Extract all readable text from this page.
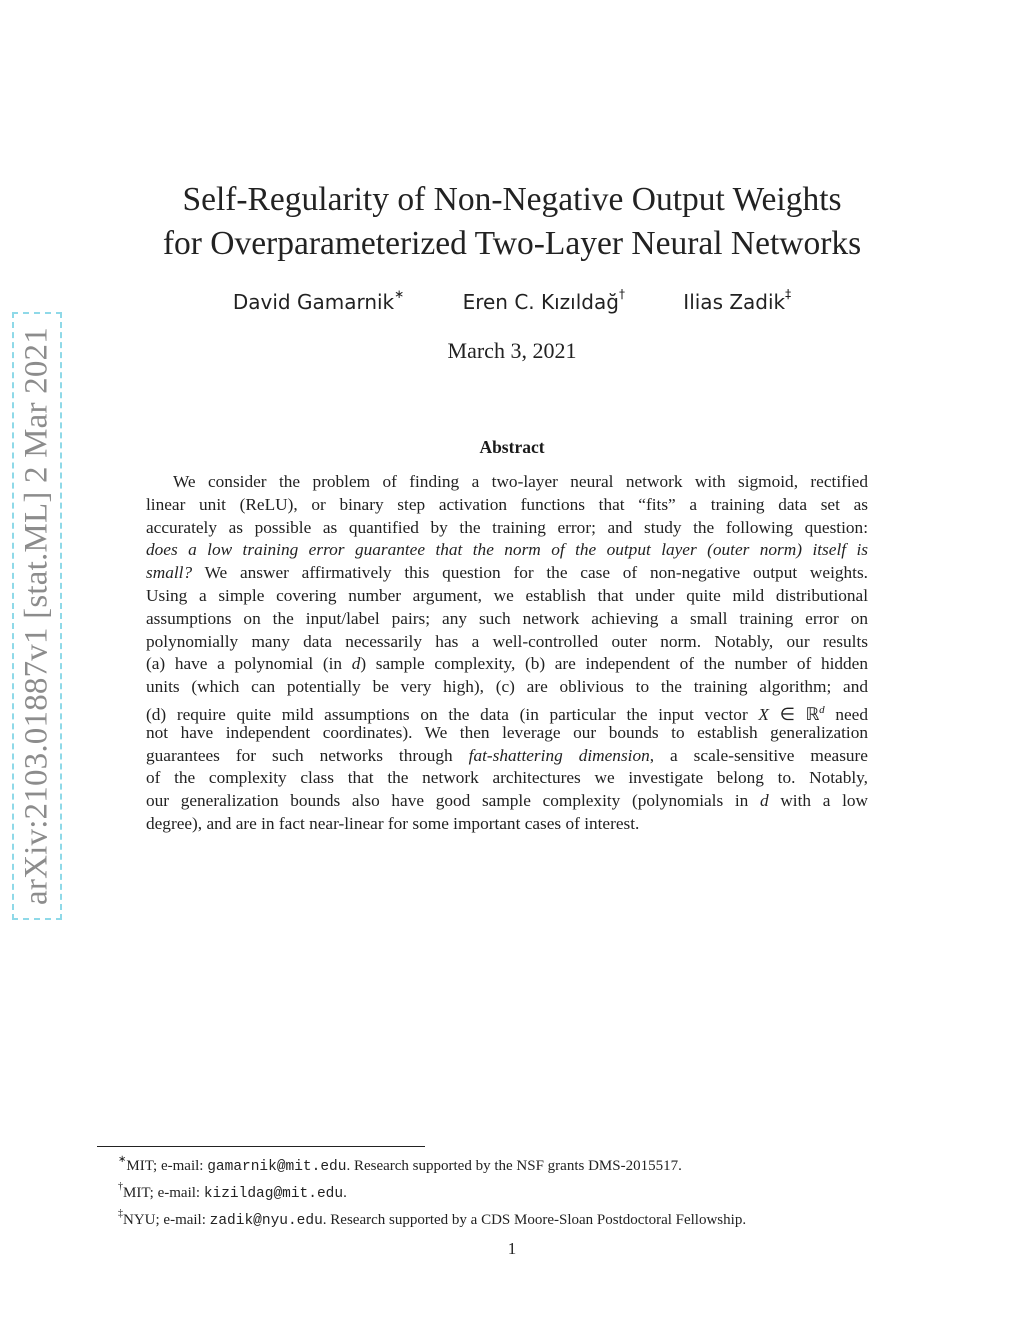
arXiv:2103.01887v1 [stat.ML] 2 Mar 2021
Self-Regularity of Non-Negative Output Weights
for Overparameterized Two-Layer Neural Networks
David Gamarnik∗	Eren C. Kızıldağ†	Ilias Zadik‡
March 3, 2021
Abstract
We consider the problem of finding a two-layer neural network with sigmoid, rectified
linear unit (ReLU), or binary step activation functions that “fits” a training data set as
accurately as possible as quantified by the training error; and study the following question:
does a low training error guarantee that the norm of the output layer (outer norm) itself is
small? We answer affirmatively this question for the case of non-negative output weights.
Using a simple covering number argument, we establish that under quite mild distributional
assumptions on the input/label pairs; any such network achieving a small training error on
polynomially many data necessarily has a well-controlled outer norm. Notably, our results
(a) have a polynomial (in d) sample complexity, (b) are independent of the number of hidden
units (which can potentially be very high), (c) are oblivious to the training algorithm; and
(d) require quite mild assumptions on the data (in particular the input vector X ∈ ℝ$^d$ need
not have independent coordinates). We then leverage our bounds to establish generalization
guarantees for such networks through fat-shattering dimension, a scale-sensitive measure
of the complexity class that the network architectures we investigate belong to. Notably,
our generalization bounds also have good sample complexity (polynomials in d with a low
degree), and are in fact near-linear for some important cases of interest.
∗MIT; e-mail: gamarnik@mit.edu. Research supported by the NSF grants DMS-2015517.
†MIT; e-mail: kizildag@mit.edu.
‡NYU; e-mail: zadik@nyu.edu. Research supported by a CDS Moore-Sloan Postdoctoral Fellowship.
1
